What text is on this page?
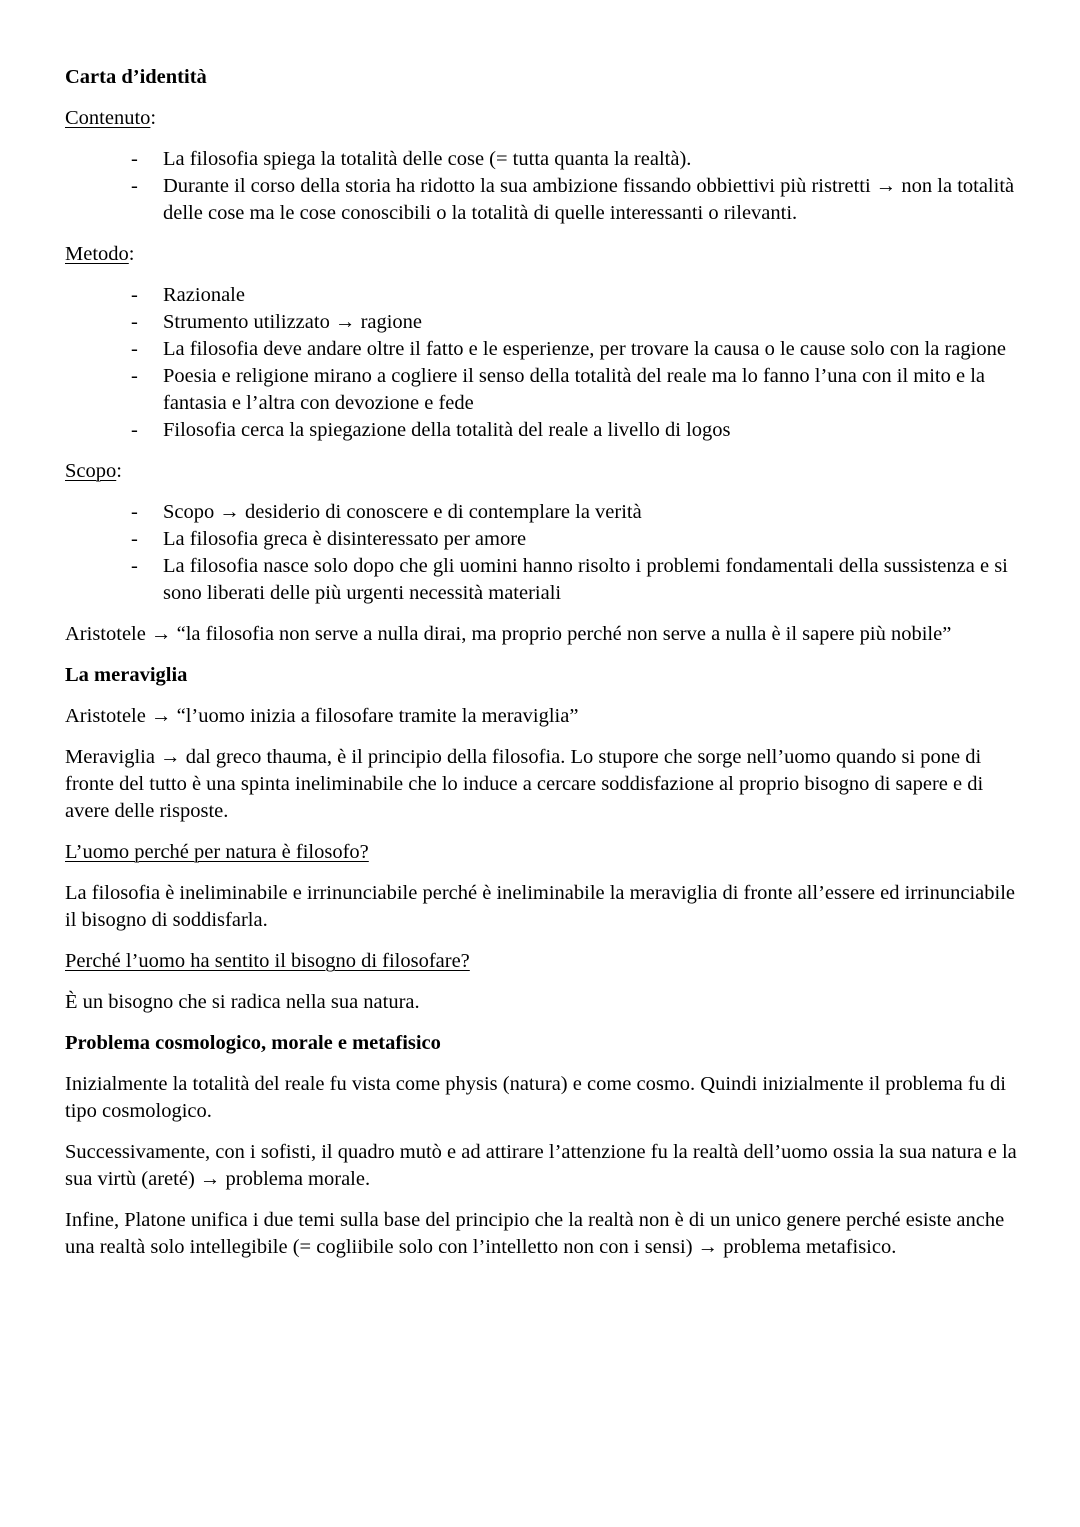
Carta d’identità

Contenuto:

- La filosofia spiega la totalità delle cose (= tutta quanta la realtà).
- Durante il corso della storia ha ridotto la sua ambizione fissando obbiettivi più ristretti → non la totalità delle cose ma le cose conoscibili o la totalità di quelle interessanti o rilevanti.

Metodo:

- Razionale
- Strumento utilizzato → ragione
- La filosofia deve andare oltre il fatto e le esperienze, per trovare la causa o le cause solo con la ragione
- Poesia e religione mirano a cogliere il senso della totalità del reale ma lo fanno l’una con il mito e la fantasia e l’altra con devozione e fede
- Filosofia cerca la spiegazione della totalità del reale a livello di logos

Scopo:

- Scopo → desiderio di conoscere e di contemplare la verità
- La filosofia greca è disinteressato per amore
- La filosofia nasce solo dopo che gli uomini hanno risolto i problemi fondamentali della sussistenza e si sono liberati delle più urgenti necessità materiali

Aristotele → “la filosofia non serve a nulla dirai, ma proprio perché non serve a nulla è il sapere più nobile”

La meraviglia

Aristotele → “l’uomo inizia a filosofare tramite la meraviglia”

Meraviglia → dal greco thauma, è il principio della filosofia. Lo stupore che sorge nell’uomo quando si pone di fronte del tutto è una spinta ineliminabile che lo induce a cercare soddisfazione al proprio bisogno di sapere e di avere delle risposte.

L’uomo perché per natura è filosofo?

La filosofia è ineliminabile e irrinunciabile perché è ineliminabile la meraviglia di fronte all’essere ed irrinunciabile il bisogno di soddisfarla.

Perché l’uomo ha sentito il bisogno di filosofare?

È un bisogno che si radica nella sua natura.

Problema cosmologico, morale e metafisico

Inizialmente la totalità del reale fu vista come physis (natura) e come cosmo. Quindi inizialmente il problema fu di tipo cosmologico.

Successivamente, con i sofisti, il quadro mutò e ad attirare l’attenzione fu la realtà dell’uomo ossia la sua natura e la sua virtù (areté) → problema morale.

Infine, Platone unifica i due temi sulla base del principio che la realtà non è di un unico genere perché esiste anche una realtà solo intellegibile (= cogliibile solo con l’intelletto non con i sensi) → problema metafisico.
